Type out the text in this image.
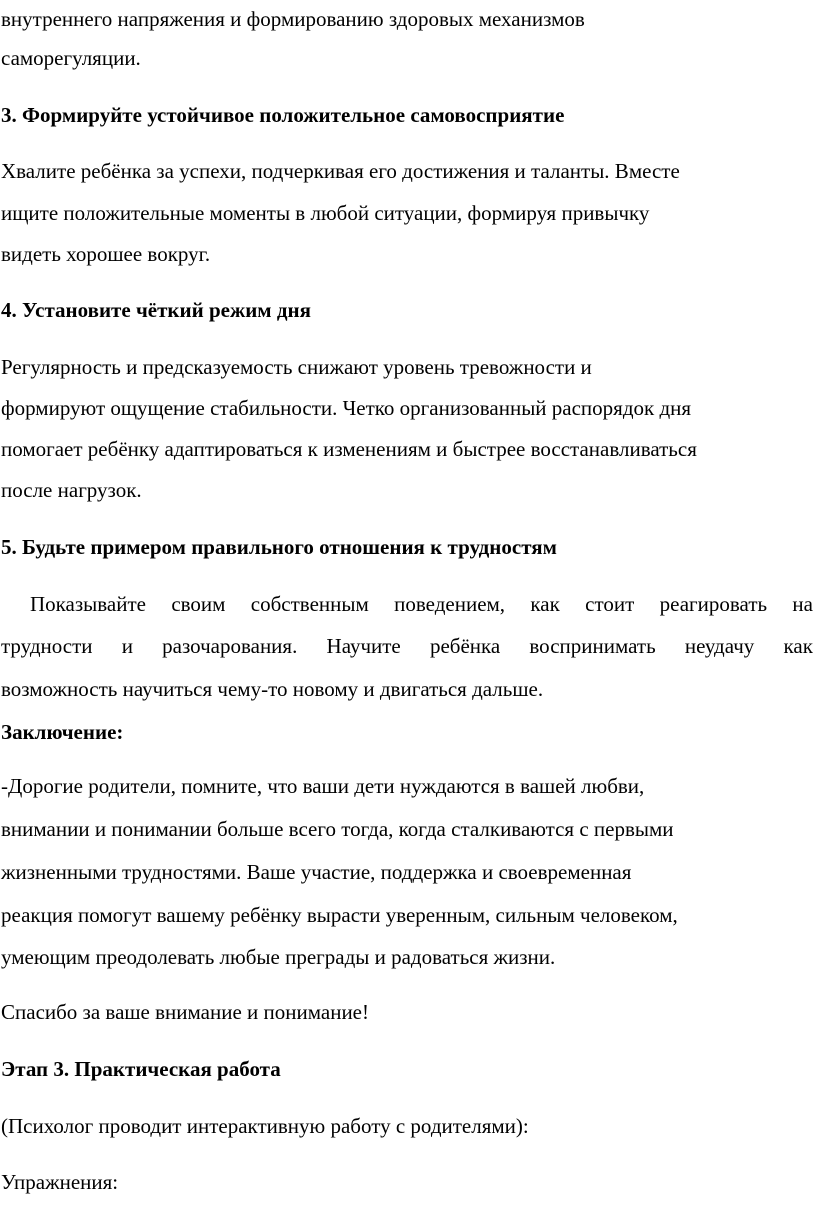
внутреннего напряжения и формированию здоровых механизмов
саморегуляции.
3. Формируйте устойчивое положительное самовосприятие
Хвалите ребёнка за успехи, подчеркивая его достижения и таланты. Вместе
ищите положительные моменты в любой ситуации, формируя привычку
видеть хорошее вокруг.
4. Установите чёткий режим дня
Регулярность и предсказуемость снижают уровень тревожности и
формируют ощущение стабильности. Четко организованный распорядок дня
помогает ребёнку адаптироваться к изменениям и быстрее восстанавливаться
после нагрузок.
5. Будьте примером правильного отношения к трудностям
Показывайте своим собственным поведением, как стоит реагировать на
трудности и разочарования. Научите ребёнка воспринимать неудачу как
возможность научиться чему-то новому и двигаться дальше.
Заключение:
-Дорогие родители, помните, что ваши дети нуждаются в вашей любви,
внимании и понимании больше всего тогда, когда сталкиваются с первыми
жизненными трудностями. Ваше участие, поддержка и своевременная
реакция помогут вашему ребёнку вырасти уверенным, сильным человеком,
умеющим преодолевать любые преграды и радоваться жизни.
Спасибо за ваше внимание и понимание!
Этап 3. Практическая работа
(Психолог проводит интерактивную работу с родителями):
Упражнения:
